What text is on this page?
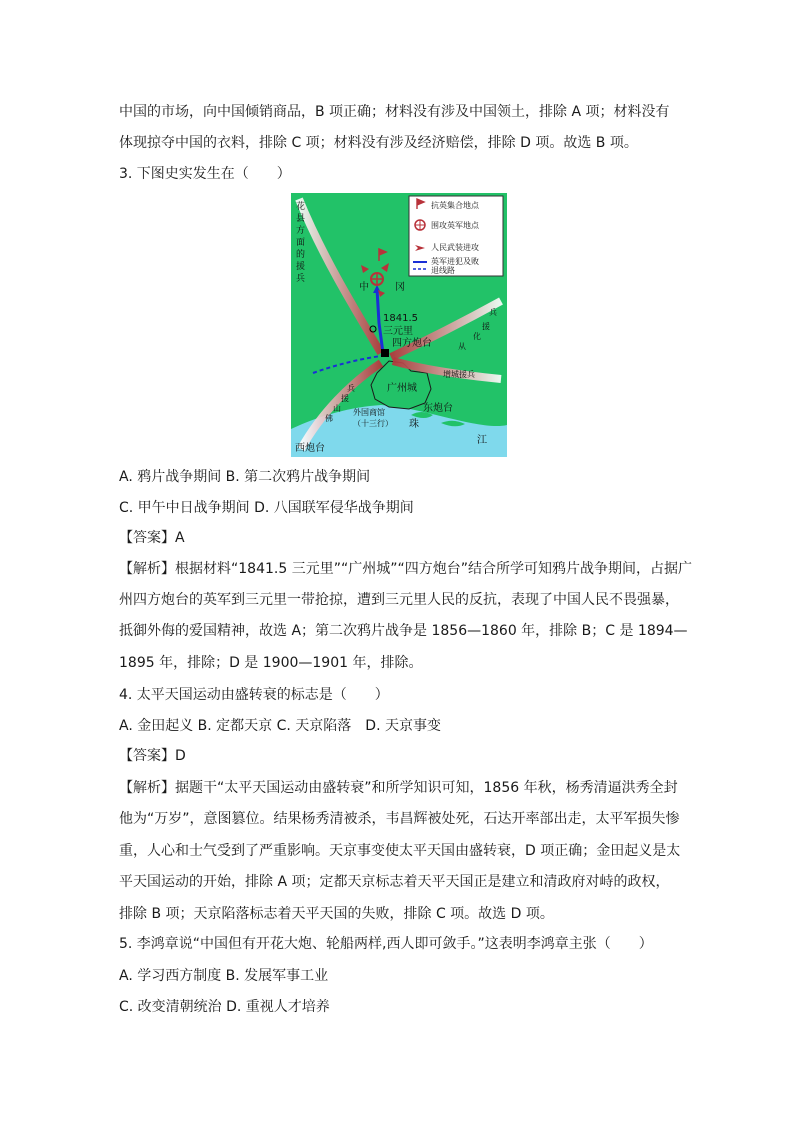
中国的市场，向中国倾销商品，B 项正确；材料没有涉及中国领土，排除 A 项；材料没有

体现掠夺中国的衣料，排除 C 项；材料没有涉及经济赔偿，排除 D 项。故选 B 项。

3. 下图史实发生在（　　）

抗英集合地点
围攻英军地点
人民武装进攻
英军进犯及败
退线路
花
县
方
面
的
援
兵
中	冈
1841.5
三元里
四方炮台
兵
援
化
从
增城援兵
兵
援
山
佛
广州城
东炮台
外国商馆
（十三行） 珠
江
西炮台

A. 鸦片战争期间 B. 第二次鸦片战争期间

C. 甲午中日战争期间 D. 八国联军侵华战争期间

【答案】A

【解析】根据材料“1841.5 三元里”“广州城”“四方炮台”结合所学可知鸦片战争期间，占据广

州四方炮台的英军到三元里一带抢掠，遭到三元里人民的反抗，表现了中国人民不畏强暴，

抵御外侮的爱国精神，故选 A；第二次鸦片战争是 1856—1860 年，排除 B；C 是 1894—

1895 年，排除；D 是 1900—1901 年，排除。

4. 太平天国运动由盛转衰的标志是（　　）

A. 金田起义 B. 定都天京 C. 天京陷落　D. 天京事变

【答案】D

【解析】据题干“太平天国运动由盛转衰”和所学知识可知，1856 年秋，杨秀清逼洪秀全封

他为“万岁”，意图篡位。结果杨秀清被杀，韦昌辉被处死，石达开率部出走，太平军损失惨

重，人心和士气受到了严重影响。天京事变使太平天国由盛转衰，D 项正确；金田起义是太

平天国运动的开始，排除 A 项；定都天京标志着天平天国正是建立和清政府对峙的政权，

排除 B 项；天京陷落标志着天平天国的失败，排除 C 项。故选 D 项。

5. 李鸿章说“中国但有开花大炮、轮船两样,西人即可敛手。”这表明李鸿章主张（　　）

A. 学习西方制度 B. 发展军事工业

C. 改变清朝统治 D. 重视人才培养
